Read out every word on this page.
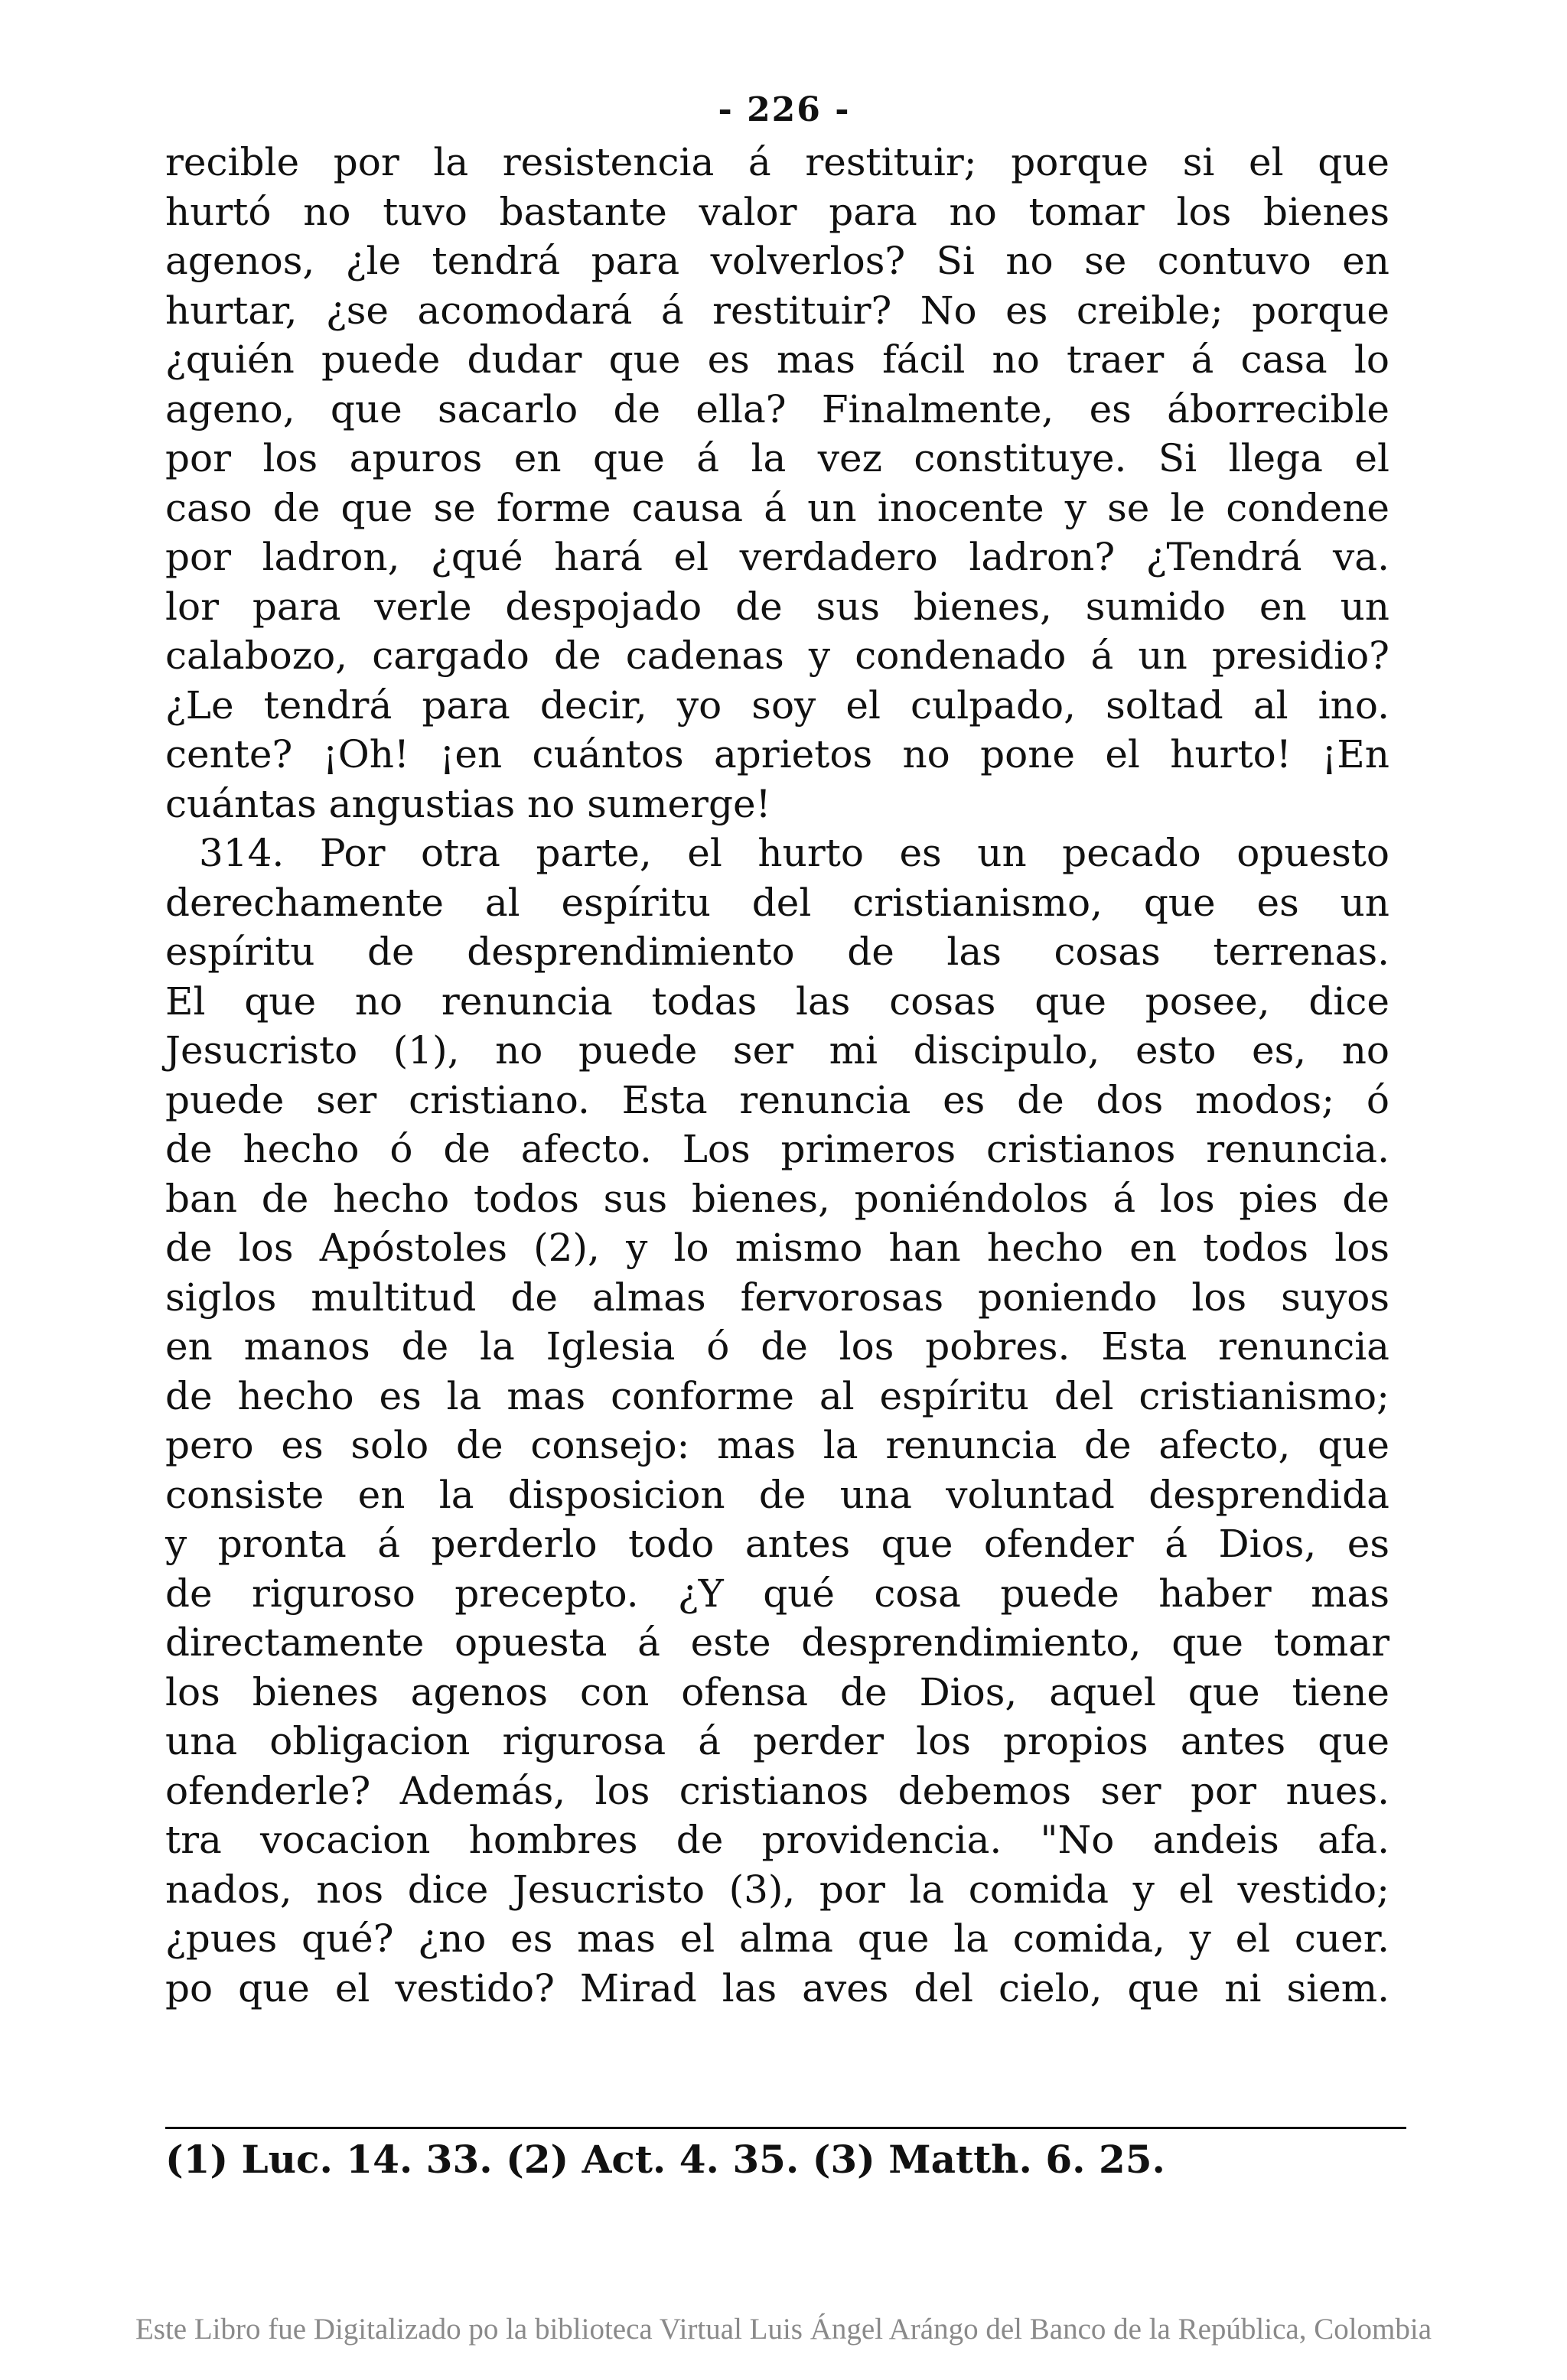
- 226 -
recible por la resistencia á restituir; porque si el que
hurtó no tuvo bastante valor para no tomar los bienes
agenos, ¿le tendrá para volverlos? Si no se contuvo en
hurtar, ¿se acomodará á restituir? No es creible; porque
¿quién puede dudar que es mas fácil no traer á casa lo
ageno, que sacarlo de ella? Finalmente, es áborrecible
por los apuros en que á la vez constituye. Si llega el
caso de que se forme causa á un inocente y se le condene
por ladron, ¿qué hará el verdadero ladron? ¿Tendrá va.
lor para verle despojado de sus bienes, sumido en un
calabozo, cargado de cadenas y condenado á un presidio?
¿Le tendrá para decir, yo soy el culpado, soltad al ino.
cente? ¡Oh! ¡en cuántos aprietos no pone el hurto! ¡En
cuántas angustias no sumerge!
314. Por otra parte, el hurto es un pecado opuesto
derechamente al espíritu del cristianismo, que es un
espíritu de desprendimiento de las cosas terrenas.
El que no renuncia todas las cosas que posee, dice
Jesucristo (1), no puede ser mi discipulo, esto es, no
puede ser cristiano. Esta renuncia es de dos modos; ó
de hecho ó de afecto. Los primeros cristianos renuncia.
ban de hecho todos sus bienes, poniéndolos á los pies de
de los Apóstoles (2), y lo mismo han hecho en todos los
siglos multitud de almas fervorosas poniendo los suyos
en manos de la Iglesia ó de los pobres. Esta renuncia
de hecho es la mas conforme al espíritu del cristianismo;
pero es solo de consejo: mas la renuncia de afecto, que
consiste en la disposicion de una voluntad desprendida
y pronta á perderlo todo antes que ofender á Dios, es
de riguroso precepto. ¿Y qué cosa puede haber mas
directamente opuesta á este desprendimiento, que tomar
los bienes agenos con ofensa de Dios, aquel que tiene
una obligacion rigurosa á perder los propios antes que
ofenderle? Además, los cristianos debemos ser por nues.
tra vocacion hombres de providencia. "No andeis afa.
nados, nos dice Jesucristo (3), por la comida y el vestido;
¿pues qué? ¿no es mas el alma que la comida, y el cuer.
po que el vestido? Mirad las aves del cielo, que ni siem.
(1) Luc. 14. 33. (2) Act. 4. 35. (3) Matth. 6. 25.
Este Libro fue Digitalizado po la biblioteca Virtual Luis Ángel Arángo del Banco de la República, Colombia
